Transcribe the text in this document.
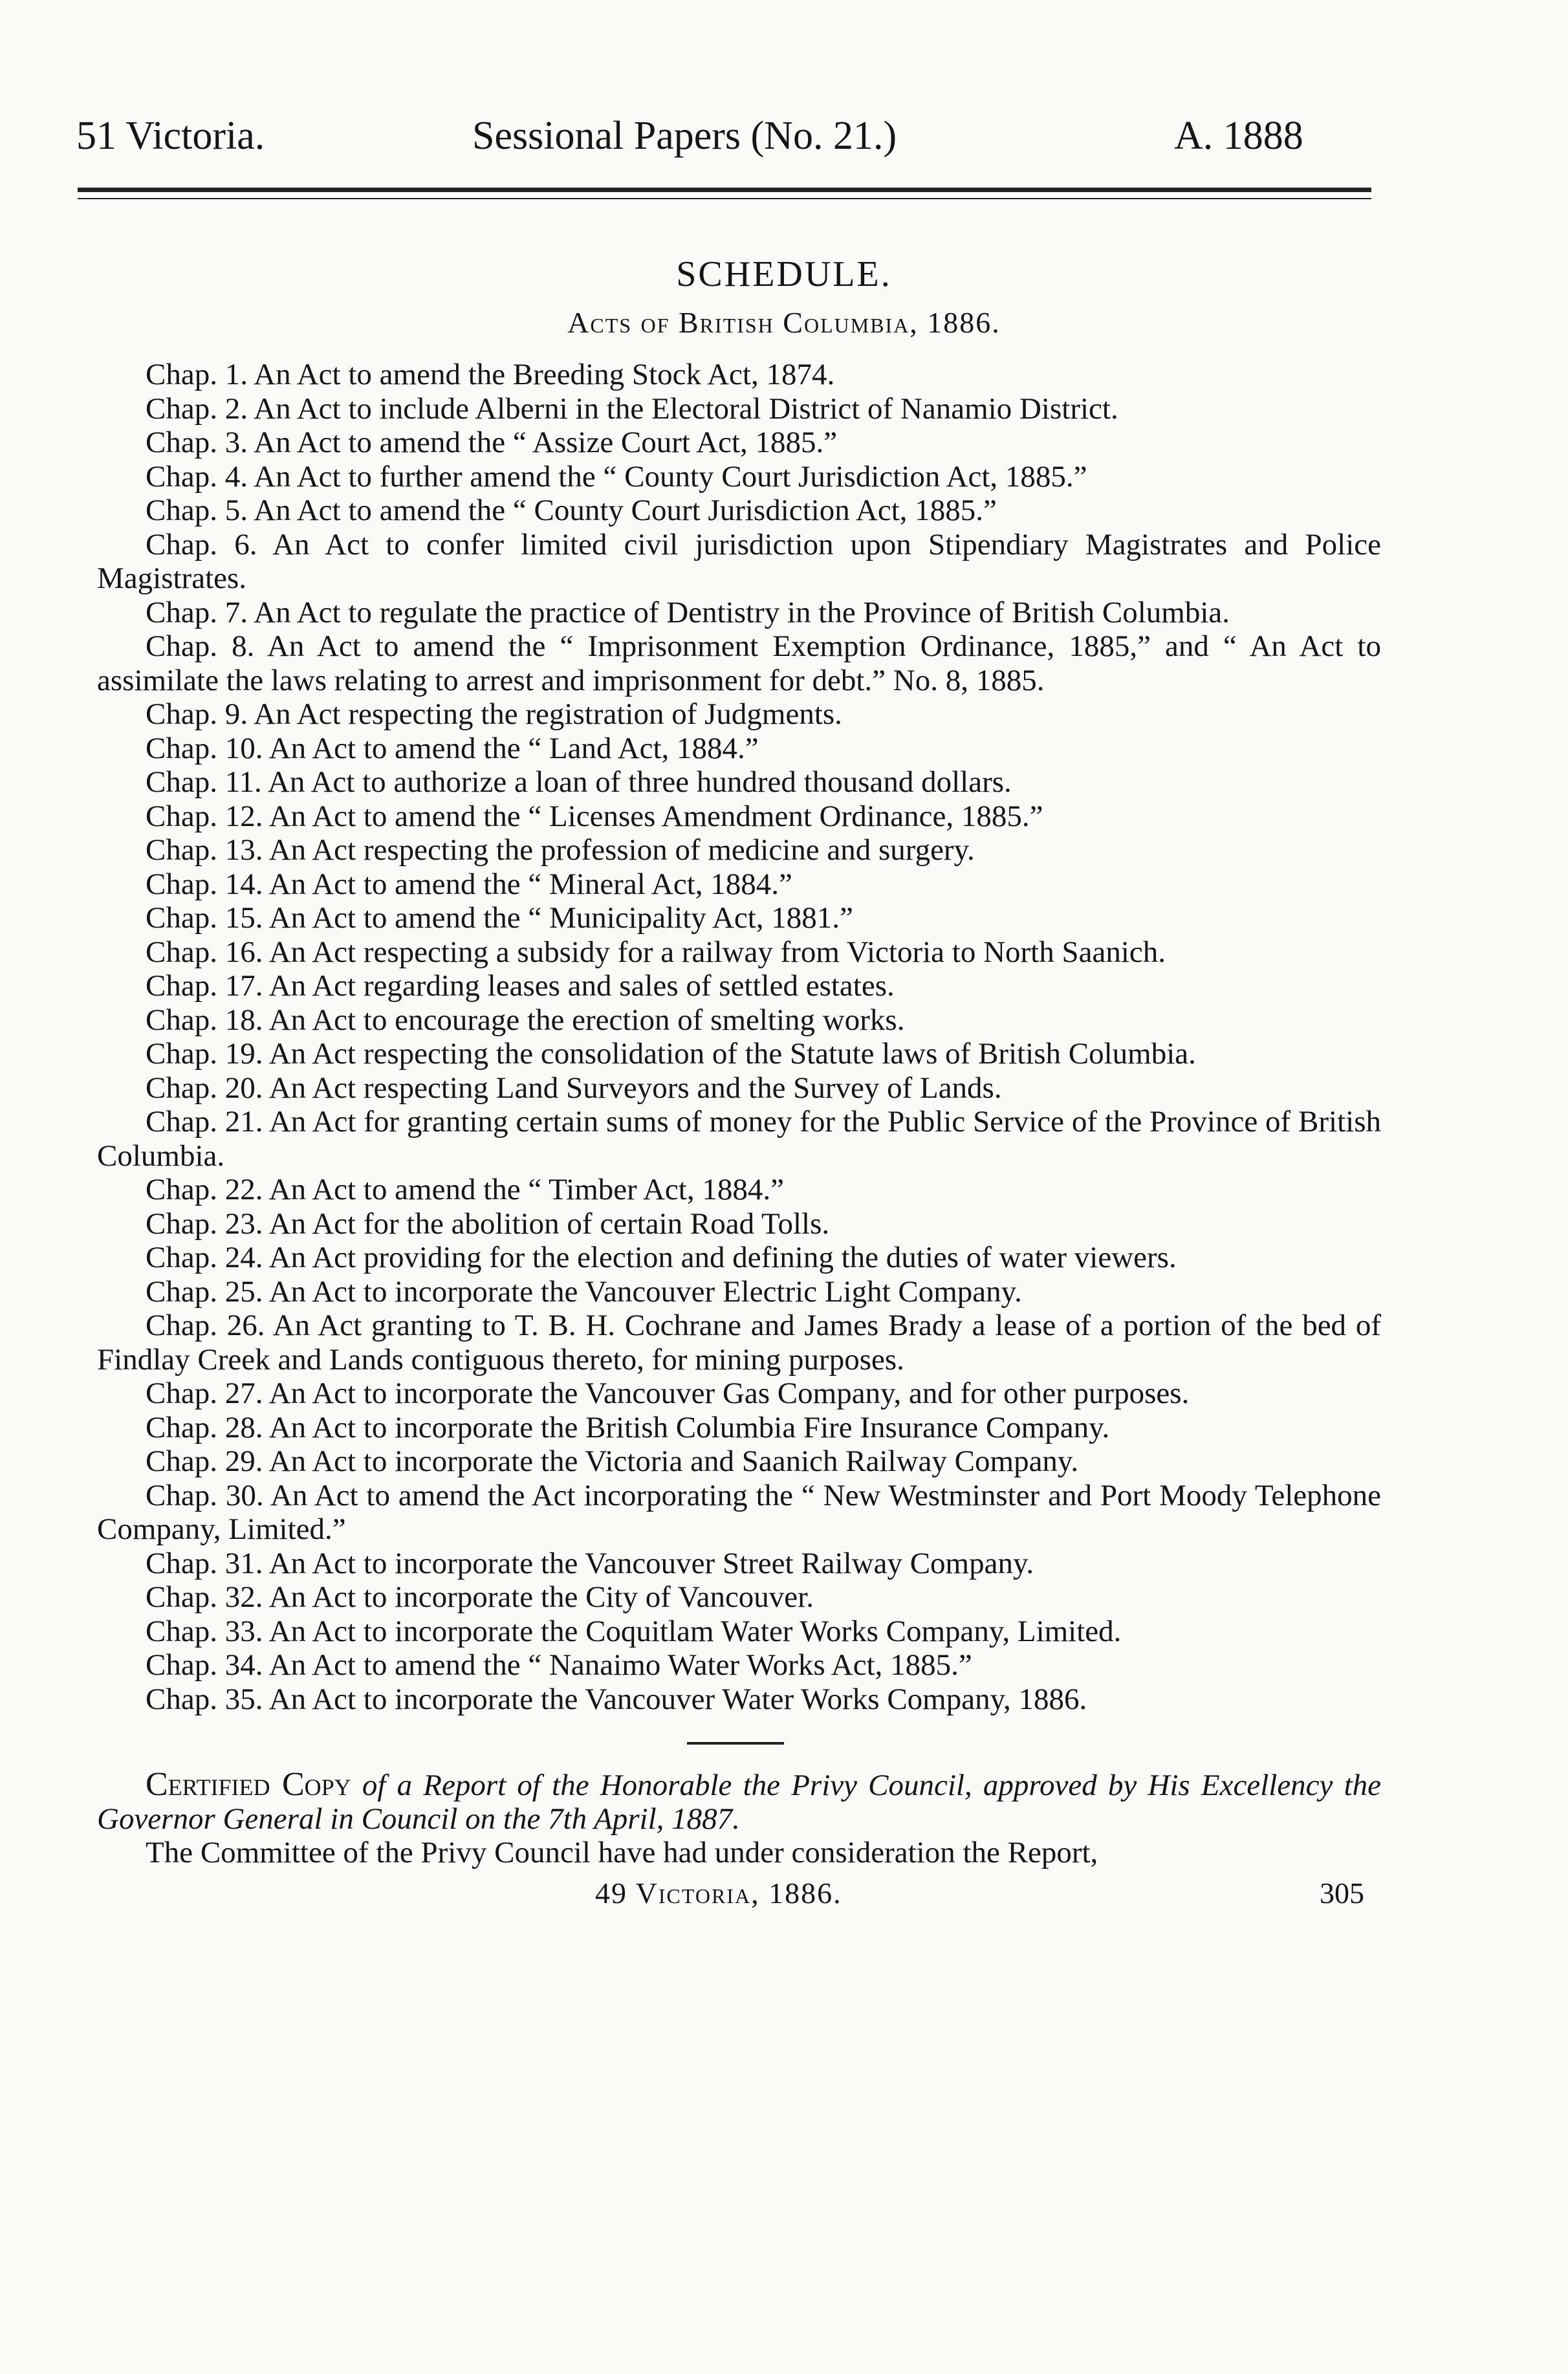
51 Victoria.	Sessional Papers (No. 21.)	A. 1888
SCHEDULE.
Acts of British Columbia, 1886.
Chap. 1. An Act to amend the Breeding Stock Act, 1874.
Chap. 2. An Act to include Alberni in the Electoral District of Nanamio District.
Chap. 3. An Act to amend the “ Assize Court Act, 1885.”
Chap. 4. An Act to further amend the “ County Court Jurisdiction Act, 1885.”
Chap. 5. An Act to amend the “ County Court Jurisdiction Act, 1885.”
Chap. 6. An Act to confer limited civil jurisdiction upon Stipendiary Magistrates and Police Magistrates.
Chap. 7. An Act to regulate the practice of Dentistry in the Province of British Columbia.
Chap. 8. An Act to amend the “ Imprisonment Exemption Ordinance, 1885,” and “ An Act to assimilate the laws relating to arrest and imprisonment for debt.” No. 8, 1885.
Chap. 9. An Act respecting the registration of Judgments.
Chap. 10. An Act to amend the “ Land Act, 1884.”
Chap. 11. An Act to authorize a loan of three hundred thousand dollars.
Chap. 12. An Act to amend the “ Licenses Amendment Ordinance, 1885.”
Chap. 13. An Act respecting the profession of medicine and surgery.
Chap. 14. An Act to amend the “ Mineral Act, 1884.”
Chap. 15. An Act to amend the “ Municipality Act, 1881.”
Chap. 16. An Act respecting a subsidy for a railway from Victoria to North Saanich.
Chap. 17. An Act regarding leases and sales of settled estates.
Chap. 18. An Act to encourage the erection of smelting works.
Chap. 19. An Act respecting the consolidation of the Statute laws of British Columbia.
Chap. 20. An Act respecting Land Surveyors and the Survey of Lands.
Chap. 21. An Act for granting certain sums of money for the Public Service of the Province of British Columbia.
Chap. 22. An Act to amend the “ Timber Act, 1884.”
Chap. 23. An Act for the abolition of certain Road Tolls.
Chap. 24. An Act providing for the election and defining the duties of water viewers.
Chap. 25. An Act to incorporate the Vancouver Electric Light Company.
Chap. 26. An Act granting to T. B. H. Cochrane and James Brady a lease of a portion of the bed of Findlay Creek and Lands contiguous thereto, for mining purposes.
Chap. 27. An Act to incorporate the Vancouver Gas Company, and for other purposes.
Chap. 28. An Act to incorporate the British Columbia Fire Insurance Company.
Chap. 29. An Act to incorporate the Victoria and Saanich Railway Company.
Chap. 30. An Act to amend the Act incorporating the “ New Westminster and Port Moody Telephone Company, Limited.”
Chap. 31. An Act to incorporate the Vancouver Street Railway Company.
Chap. 32. An Act to incorporate the City of Vancouver.
Chap. 33. An Act to incorporate the Coquitlam Water Works Company, Limited.
Chap. 34. An Act to amend the “ Nanaimo Water Works Act, 1885.”
Chap. 35. An Act to incorporate the Vancouver Water Works Company, 1886.

Certified Copy of a Report of the Honorable the Privy Council, approved by His Excellency the Governor General in Council on the 7th April, 1887.

The Committee of the Privy Council have had under consideration the Report,

49 Victoria, 1886.	305
